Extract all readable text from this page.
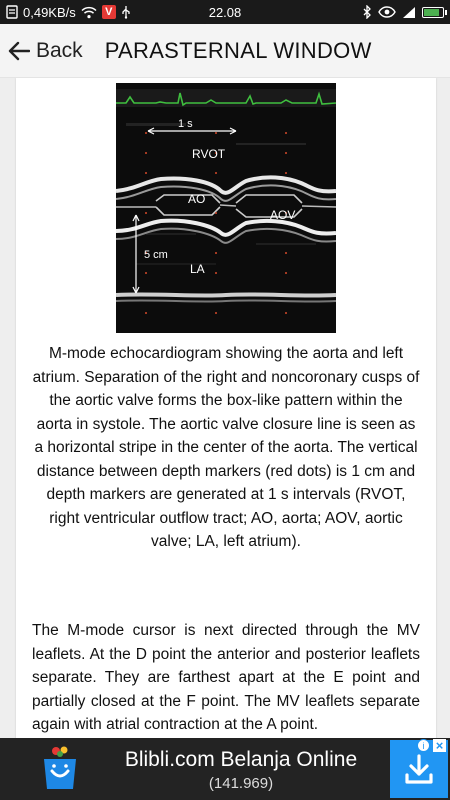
0,49KB/s	V	22.08
Back PARASTERNAL WINDOW
1 s
RVOT
AO
AOV
5 cm
LA

M-mode echocardiogram showing the aorta and left atrium. Separation of the right and noncoronary cusps of the aortic valve forms the box-like pattern within the aorta in systole. The aortic valve closure line is seen as a horizontal stripe in the center of the aorta. The vertical distance between depth markers (red dots) is 1 cm and depth markers are generated at 1 s intervals (RVOT, right ventricular outflow tract; AO, aorta; AOV, aortic valve; LA, left atrium).

The M-mode cursor is next directed through the MV leaflets. At the D point the anterior and posterior leaflets separate. They are farthest apart at the E point and partially closed at the F point. The MV leaflets separate again with atrial contraction at the A point.

Blibli.com Belanja Online
(141.969)
i ×
